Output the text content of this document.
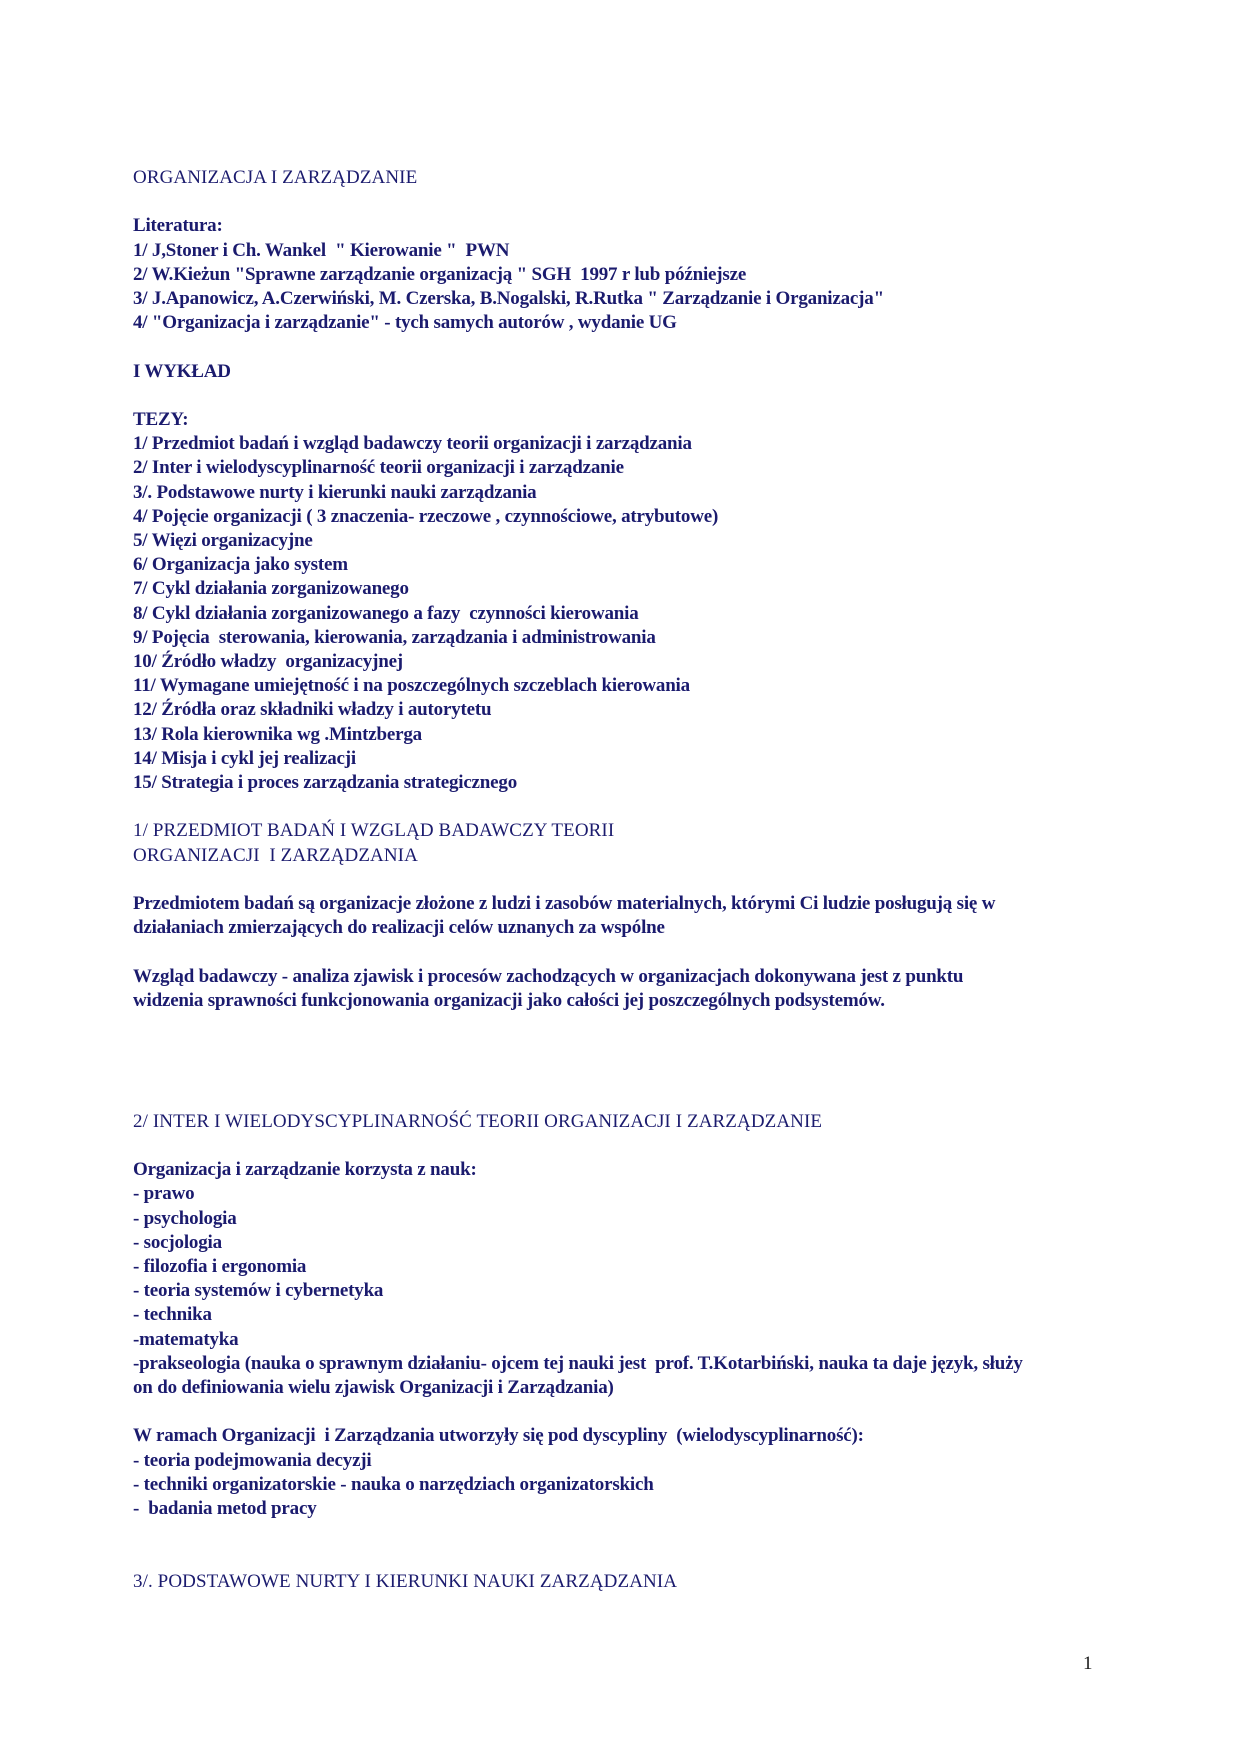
ORGANIZACJA I ZARZĄDZANIE
Literatura:
1/ J,Stoner i Ch. Wankel  " Kierowanie "  PWN
2/ W.Kieżun "Sprawne zarządzanie organizacją " SGH  1997 r lub późniejsze
3/ J.Apanowicz, A.Czerwiński, M. Czerska, B.Nogalski, R.Rutka " Zarządzanie i Organizacja"
4/ "Organizacja i zarządzanie" - tych samych autorów , wydanie UG
I WYKŁAD
TEZY:
1/ Przedmiot badań i wzgląd badawczy teorii organizacji i zarządzania
2/ Inter i wielodyscyplinarność teorii organizacji i zarządzanie
3/. Podstawowe nurty i kierunki nauki zarządzania
4/ Pojęcie organizacji ( 3 znaczenia- rzeczowe , czynnościowe, atrybutowe)
5/ Więzi organizacyjne
6/ Organizacja jako system
7/ Cykl działania zorganizowanego
8/ Cykl działania zorganizowanego a fazy  czynności kierowania
9/ Pojęcia  sterowania, kierowania, zarządzania i administrowania
10/ Źródło władzy  organizacyjnej
11/ Wymagane umiejętność i na poszczególnych szczeblach kierowania
12/ Źródła oraz składniki władzy i autorytetu
13/ Rola kierownika wg .Mintzberga
14/ Misja i cykl jej realizacji
15/ Strategia i proces zarządzania strategicznego
1/ PRZEDMIOT BADAŃ I WZGLĄD BADAWCZY TEORII
ORGANIZACJI  I ZARZĄDZANIA
Przedmiotem badań są organizacje złożone z ludzi i zasobów materialnych, którymi Ci ludzie posługują się w
działaniach zmierzających do realizacji celów uznanych za wspólne
Wzgląd badawczy - analiza zjawisk i procesów zachodzących w organizacjach dokonywana jest z punktu
widzenia sprawności funkcjonowania organizacji jako całości jej poszczególnych podsystemów.
2/ INTER I WIELODYSCYPLINARNOŚĆ TEORII ORGANIZACJI I ZARZĄDZANIE
Organizacja i zarządzanie korzysta z nauk:
- prawo
- psychologia
- socjologia
- filozofia i ergonomia
- teoria systemów i cybernetyka
- technika
-matematyka
-prakseologia (nauka o sprawnym działaniu- ojcem tej nauki jest  prof. T.Kotarbiński, nauka ta daje język, służy
on do definiowania wielu zjawisk Organizacji i Zarządzania)
W ramach Organizacji  i Zarządzania utworzyły się pod dyscypliny  (wielodyscyplinarność):
- teoria podejmowania decyzji
- techniki organizatorskie - nauka o narzędziach organizatorskich
-  badania metod pracy
3/. PODSTAWOWE NURTY I KIERUNKI NAUKI ZARZĄDZANIA
1
